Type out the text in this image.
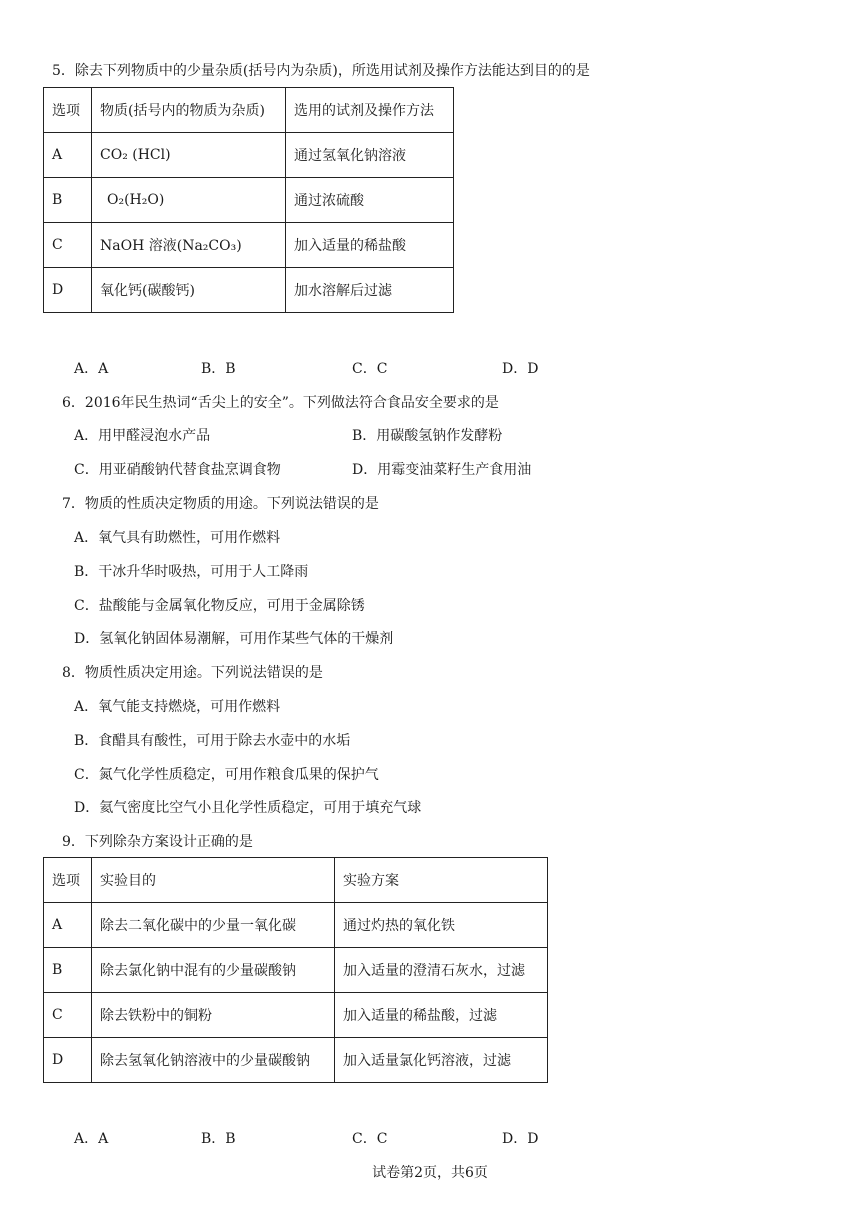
5．除去下列物质中的少量杂质(括号内为杂质)，所选用试剂及操作方法能达到目的的是
选项	物质(括号内的物质为杂质)	选用的试剂及操作方法
A	CO₂ (HCl)	通过氢氧化钠溶液
B	O₂(H₂O)	通过浓硫酸
C	NaOH 溶液(Na₂CO₃)	加入适量的稀盐酸
D	氧化钙(碳酸钙)	加水溶解后过滤
A．A	B．B	C．C	D．D
6．2016年民生热词“舌尖上的安全”。下列做法符合食品安全要求的是
A．用甲醛浸泡水产品	B．用碳酸氢钠作发酵粉
C．用亚硝酸钠代替食盐烹调食物	D．用霉变油菜籽生产食用油
7．物质的性质决定物质的用途。下列说法错误的是
A．氧气具有助燃性，可用作燃料
B．干冰升华时吸热，可用于人工降雨
C．盐酸能与金属氧化物反应，可用于金属除锈
D．氢氧化钠固体易潮解，可用作某些气体的干燥剂
8．物质性质决定用途。下列说法错误的是
A．氧气能支持燃烧，可用作燃料
B．食醋具有酸性，可用于除去水壶中的水垢
C．氮气化学性质稳定，可用作粮食瓜果的保护气
D．氦气密度比空气小且化学性质稳定，可用于填充气球
9．下列除杂方案设计正确的是
选项	实验目的	实验方案
A	除去二氧化碳中的少量一氧化碳	通过灼热的氧化铁
B	除去氯化钠中混有的少量碳酸钠	加入适量的澄清石灰水，过滤
C	除去铁粉中的铜粉	加入适量的稀盐酸，过滤
D	除去氢氧化钠溶液中的少量碳酸钠	加入适量氯化钙溶液，过滤
A．A	B．B	C．C	D．D
试卷第2页，共6页
